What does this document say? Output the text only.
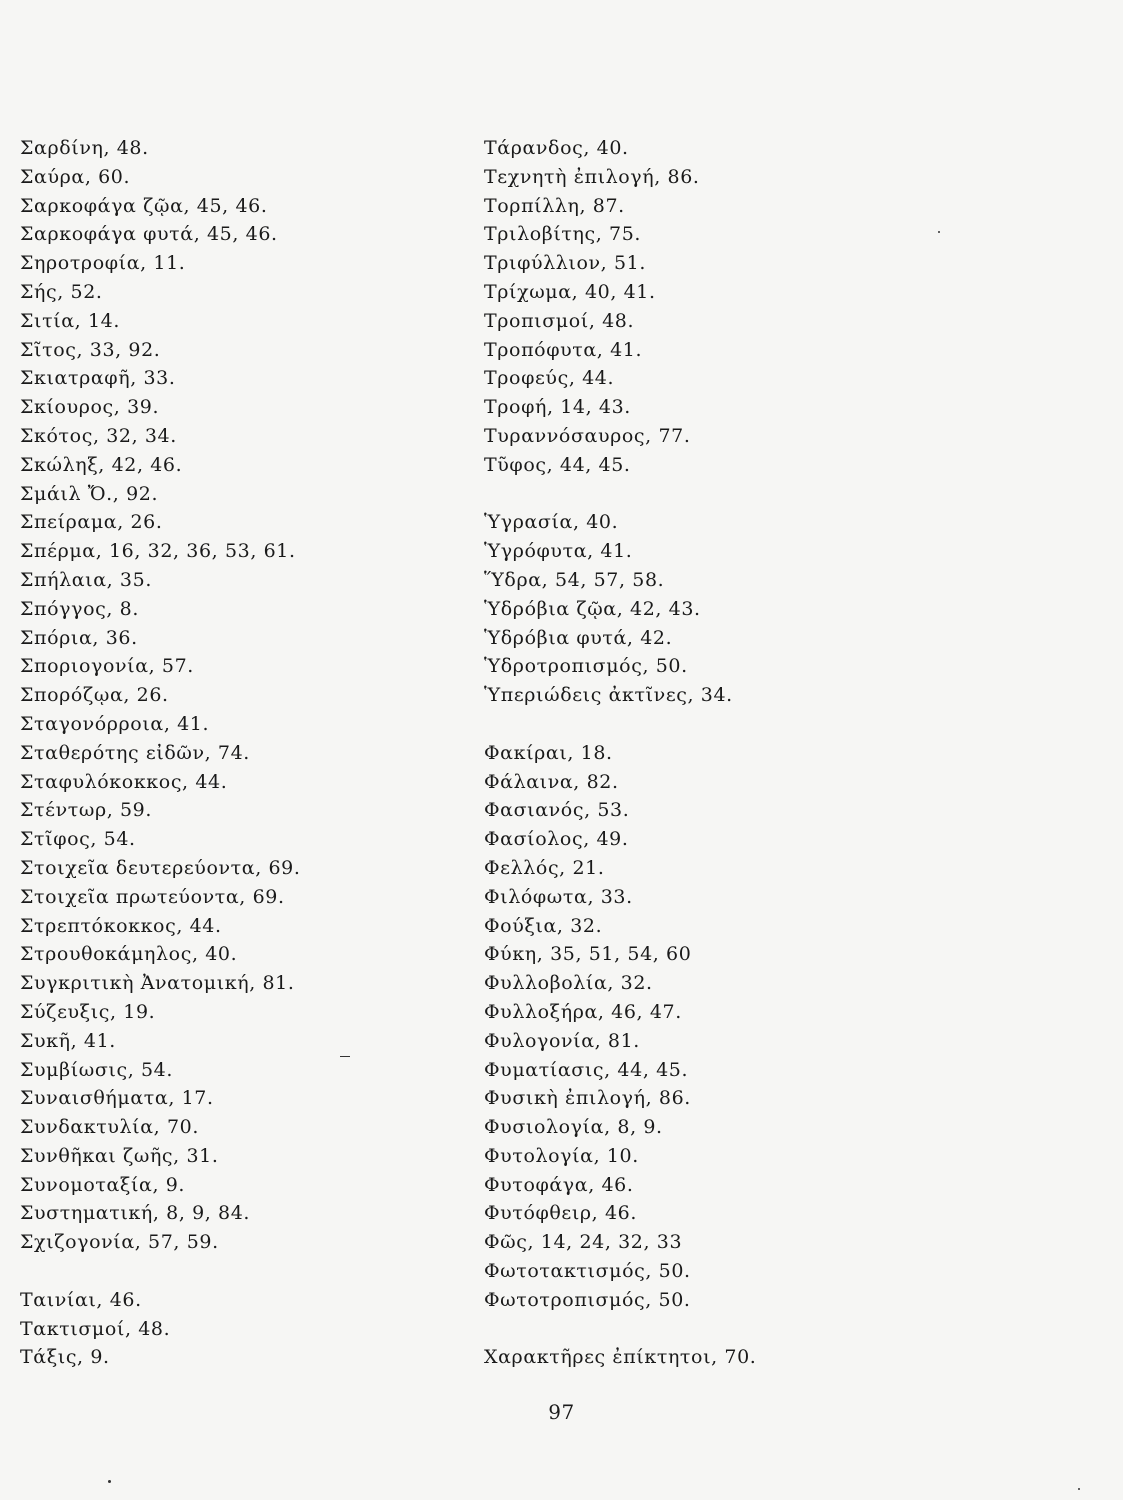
Σαρδίνη, 48.
Σαύρα, 60.
Σαρκοφάγα ζῷα, 45, 46.
Σαρκοφάγα φυτά, 45, 46.
Σηροτροφία, 11.
Σής, 52.
Σιτία, 14.
Σῖτος, 33, 92.
Σκιατραφῆ, 33.
Σκίουρος, 39.
Σκότος, 32, 34.
Σκώληξ, 42, 46.
Σμάιλ Ὄ., 92.
Σπείραμα, 26.
Σπέρμα, 16, 32, 36, 53, 61.
Σπήλαια, 35.
Σπόγγος, 8.
Σπόρια, 36.
Σποριογονία, 57.
Σπορόζῳα, 26.
Σταγονόρροια, 41.
Σταθερότης εἰδῶν, 74.
Σταφυλόκοκκος, 44.
Στέντωρ, 59.
Στῖφος, 54.
Στοιχεῖα δευτερεύοντα, 69.
Στοιχεῖα πρωτεύοντα, 69.
Στρεπτόκοκκος, 44.
Στρουθοκάμηλος, 40.
Συγκριτικὴ Ἀνατομική, 81.
Σύζευξις, 19.
Συκῆ, 41.
Συμβίωσις, 54.
Συναισθήματα, 17.
Συνδακτυλία, 70.
Συνθῆκαι ζωῆς, 31.
Συνομοταξία, 9.
Συστηματική, 8, 9, 84.
Σχιζογονία, 57, 59.
Ταινίαι, 46.
Τακτισμοί, 48.
Τάξις, 9.
Τάρανδος, 40.
Τεχνητὴ ἐπιλογή, 86.
Τορπίλλη, 87.
Τριλοβίτης, 75.
Τριφύλλιον, 51.
Τρίχωμα, 40, 41.
Τροπισμοί, 48.
Τροπόφυτα, 41.
Τροφεύς, 44.
Τροφή, 14, 43.
Τυραννόσαυρος, 77.
Τῦφος, 44, 45.
Ὑγρασία, 40.
Ὑγρόφυτα, 41.
Ὕδρα, 54, 57, 58.
Ὑδρόβια ζῷα, 42, 43.
Ὑδρόβια φυτά, 42.
Ὑδροτροπισμός, 50.
Ὑπεριώδεις ἀκτῖνες, 34.
Φακίραι, 18.
Φάλαινα, 82.
Φασιανός, 53.
Φασίολος, 49.
Φελλός, 21.
Φιλόφωτα, 33.
Φούξια, 32.
Φύκη, 35, 51, 54, 60
Φυλλοβολία, 32.
Φυλλοξήρα, 46, 47.
Φυλογονία, 81.
Φυματίασις, 44, 45.
Φυσικὴ ἐπιλογή, 86.
Φυσιολογία, 8, 9.
Φυτολογία, 10.
Φυτοφάγα, 46.
Φυτόφθειρ, 46.
Φῶς, 14, 24, 32, 33
Φωτοτακτισμός, 50.
Φωτοτροπισμός, 50.
Χαρακτῆρες ἐπίκτητοι, 70.
97
